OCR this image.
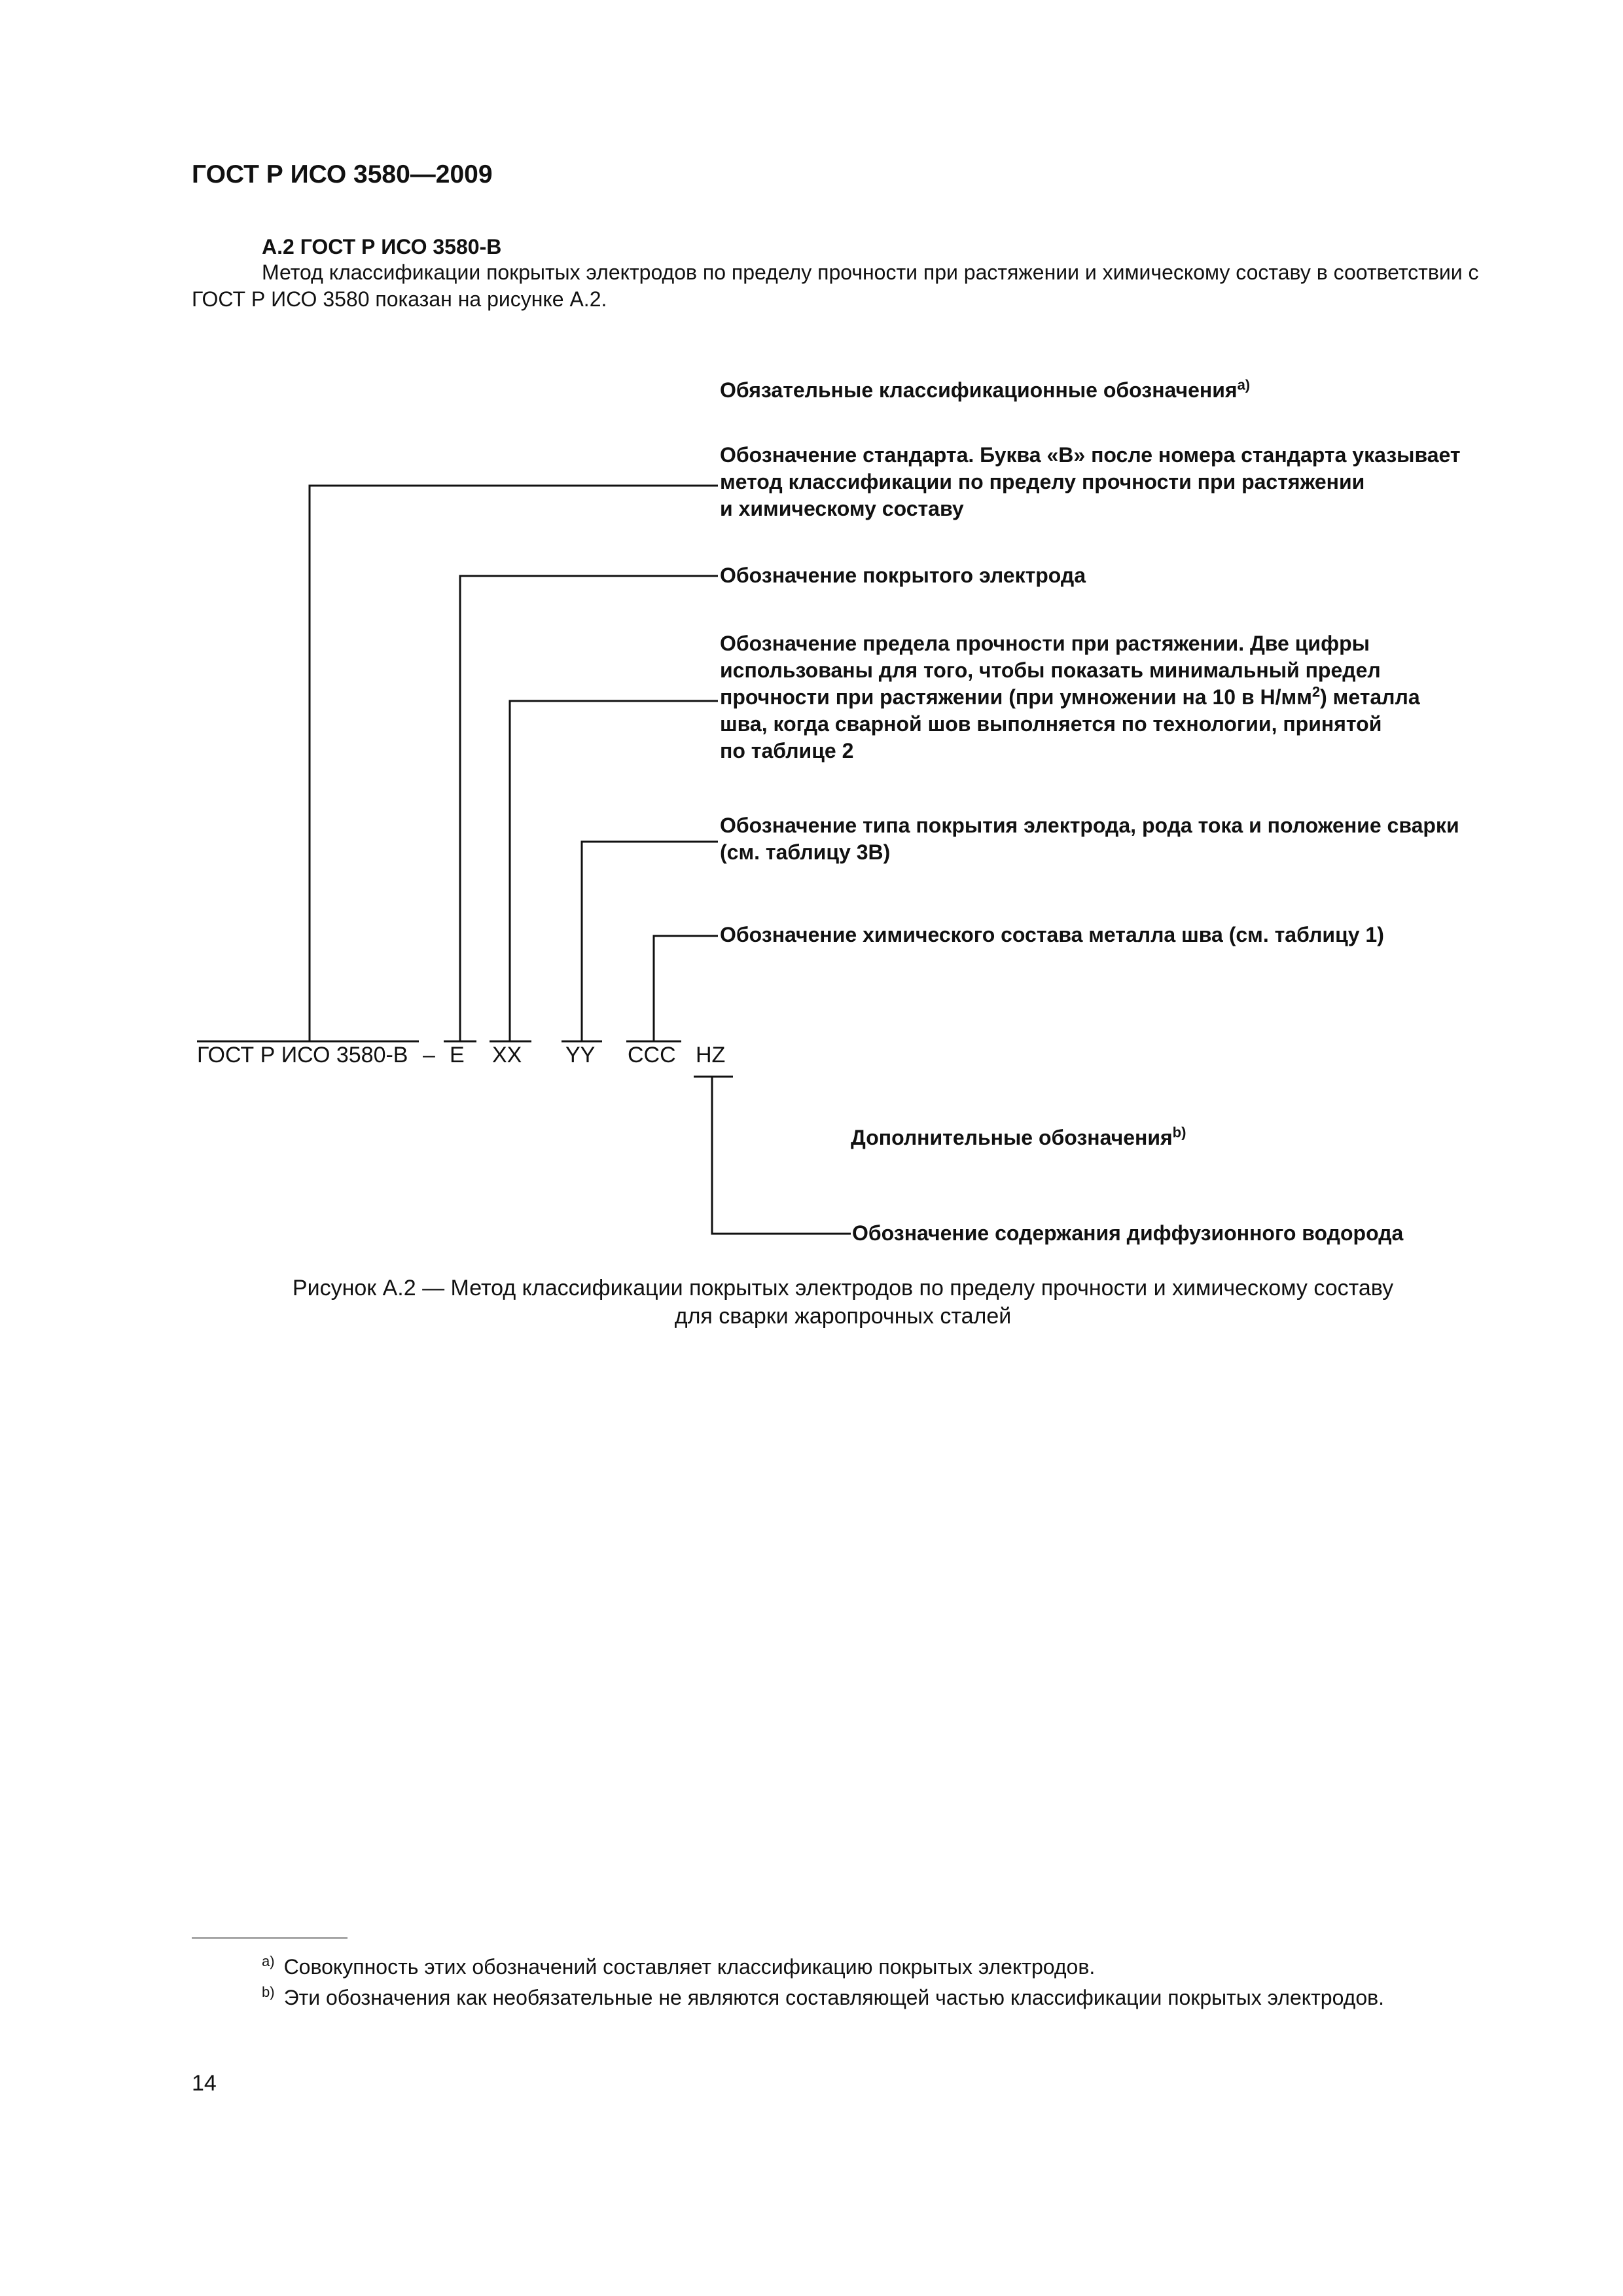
ГОСТ Р ИСО 3580—2009
А.2 ГОСТ Р ИСО 3580-В
Метод классификации покрытых электродов по пределу прочности при растяжении и химическому составу в соответствии с ГОСТ Р ИСО 3580 показан на рисунке А.2.
Обязательные классификационные обозначения$^{a)}$
Обозначение стандарта. Буква «В» после номера стандарта указывает
метод классификации по пределу прочности при растяжении
и химическому составу
Обозначение покрытого электрода
Обозначение предела прочности при растяжении. Две цифры
использованы для того, чтобы показать минимальный предел
прочности при растяжении (при умножении на 10 в $Н/мм^2$) металла
шва, когда сварной шов выполняется по технологии, принятой
по таблице 2
Обозначение типа покрытия электрода, рода тока и положение сварки
(см. таблицу 3В)
Обозначение химического состава металла шва (см. таблицу 1)
ГОСТ Р ИСО 3580-В – E XX YY CCC HZ
Дополнительные обозначения$^{b)}$
Обозначение содержания диффузионного водорода
Рисунок А.2 — Метод классификации покрытых электродов по пределу прочности и химическому составу
для сварки жаропрочных сталей
$^{a)}$ Совокупность этих обозначений составляет классификацию покрытых электродов.
$^{b)}$ Эти обозначения как необязательные не являются составляющей частью классификации покрытых электродов.
14
